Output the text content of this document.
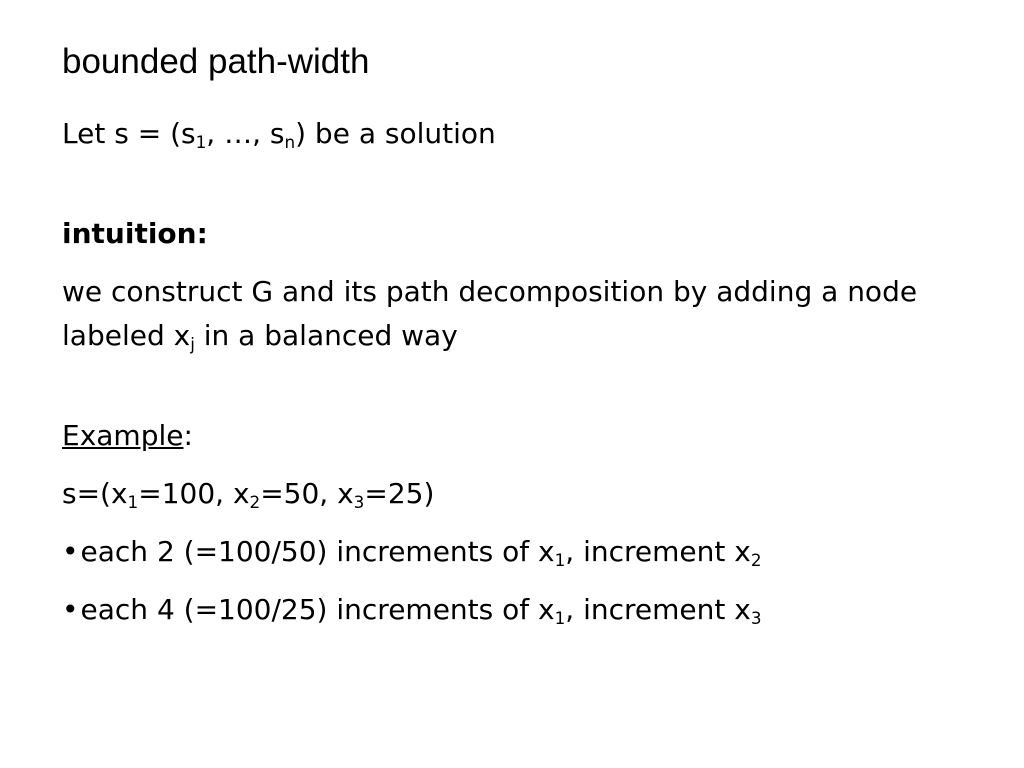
bounded path-width
Let $s = (s_1$, …, $s_n$) be a solution
intuition:
we construct G and its path decomposition by adding a node labeled $x_j$ in a balanced way
Example:
$s=(x_1=100$, $x_2=50$, $x_3=25$)
•each 2 (=100/50) increments of $x_1$, increment $x_2$
•each 4 (=100/25) increments of $x_1$, increment $x_3$
